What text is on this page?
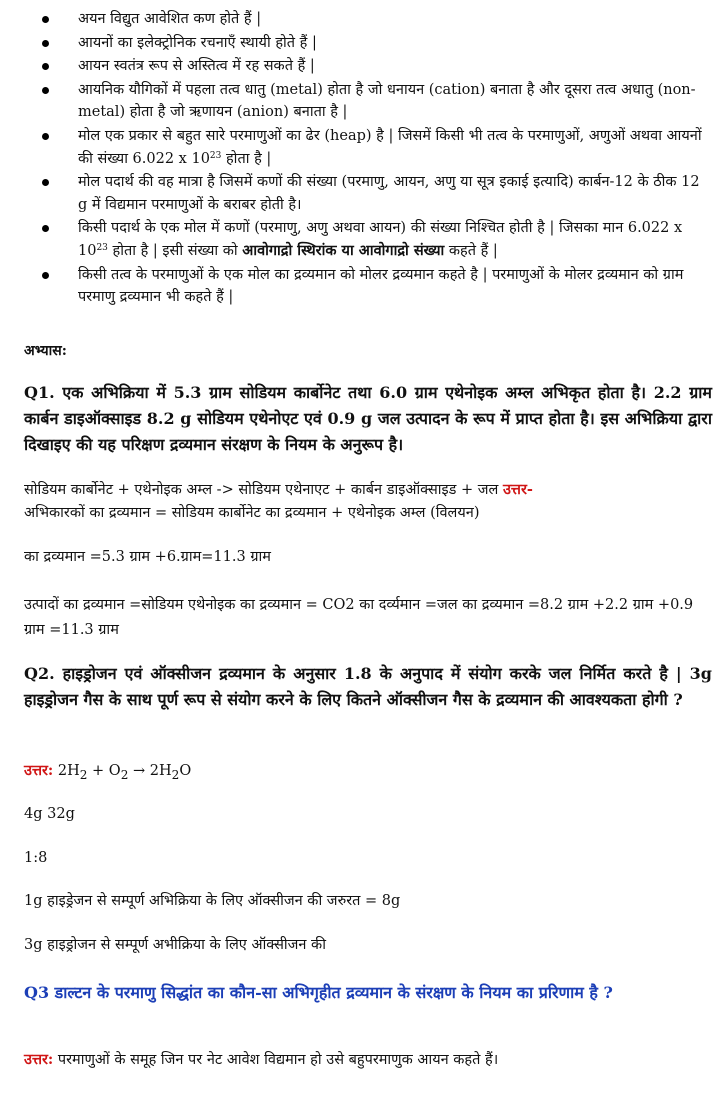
अयन विद्युत आवेशित कण होते हैं |
आयनों का इलेक्ट्रोनिक रचनाएँ स्थायी होते हैं |
आयन स्वतंत्र रूप से अस्तित्व में रह सकते हैं |
आयनिक यौगिकों में पहला तत्व धातु (metal) होता है जो धनायन (cation) बनाता है और दूसरा तत्व अधातु (non-metal) होता है जो ऋणायन (anion) बनाता है |
मोल एक प्रकार से बहुत सारे परमाणुओं का ढेर (heap) है | जिसमें किसी भी तत्व के परमाणुओं, अणुओं अथवा आयनों की संख्या 6.022 x $10^{23}$ होता है |
मोल पदार्थ की वह मात्रा है जिसमें कणों की संख्या (परमाणु, आयन, अणु या सूत्र इकाई इत्यादि) कार्बन-12 के ठीक 12 g में विद्यमान परमाणुओं के बराबर होती है।
किसी पदार्थ के एक मोल में कणों (परमाणु, अणु अथवा आयन) की संख्या निश्चित होती है | जिसका मान 6.022 x $10^{23}$ होता है | इसी संख्या को आवोगाद्रो स्थिरांक या आवोगाद्रो संख्या कहते हैं |
किसी तत्व के परमाणुओं के एक मोल का द्रव्यमान को मोलर द्रव्यमान कहते है | परमाणुओं के मोलर द्रव्यमान को ग्राम परमाणु द्रव्यमान भी कहते हैं |

अभ्यास:

Q1. एक अभिक्रिया में 5.3 ग्राम सोडियम कार्बोनेट तथा 6.0 ग्राम एथेनोइक अम्ल अभिकृत होता है। 2.2 ग्राम कार्बन डाइऑक्साइड 8.2 g सोडियम एथेनोएट एवं 0.9 g जल उत्पादन के रूप में प्राप्त होता है। इस अभिक्रिया द्वारा दिखाइए की यह परिक्षण द्रव्यमान संरक्षण के नियम के अनुरूप है।

सोडियम कार्बोनेट + एथेनोइक अम्ल -> सोडियम एथेनाएट + कार्बन डाइऑक्साइड + जल उत्तर-

अभिकारकों का द्रव्यमान = सोडियम कार्बोनेट का द्रव्यमान + एथेनोइक अम्ल (विलयन)

का द्रव्यमान =5.3 ग्राम +6.ग्राम=11.3 ग्राम

उत्पादों का द्रव्यमान =सोडियम एथेनोइक का द्रव्यमान = CO2 का दर्व्यमान =जल का द्रव्यमान =8.2 ग्राम +2.2 ग्राम +0.9 ग्राम =11.3 ग्राम

Q2. हाइड्रोजन एवं ऑक्सीजन द्रव्यमान के अनुसार 1.8 के अनुपाद में संयोग करके जल निर्मित करते है | 3g हाइड्रोजन गैस के साथ पूर्ण रूप से संयोग करने के लिए कितने ऑक्सीजन गैस के द्रव्यमान की आवश्यकता होगी ?

उत्तर: $2H_2 + O_2 \to 2H_2O$

4g 32g

1:8

1g हाइड्रेजन से सम्पूर्ण अभिक्रिया के लिए ऑक्सीजन की जरुरत = 8g

3g हाइड्रोजन से सम्पूर्ण अभीक्रिया के लिए ऑक्सीजन की

Q3 डाल्टन के परमाणु सिद्धांत का कौन-सा अभिगृहीत द्रव्यमान के संरक्षण के नियम का प्ररिणाम है ?

उत्तर: परमाणुओं के समूह जिन पर नेट आवेश विद्यमान हो उसे बहुपरमाणुक आयन कहते हैं।
